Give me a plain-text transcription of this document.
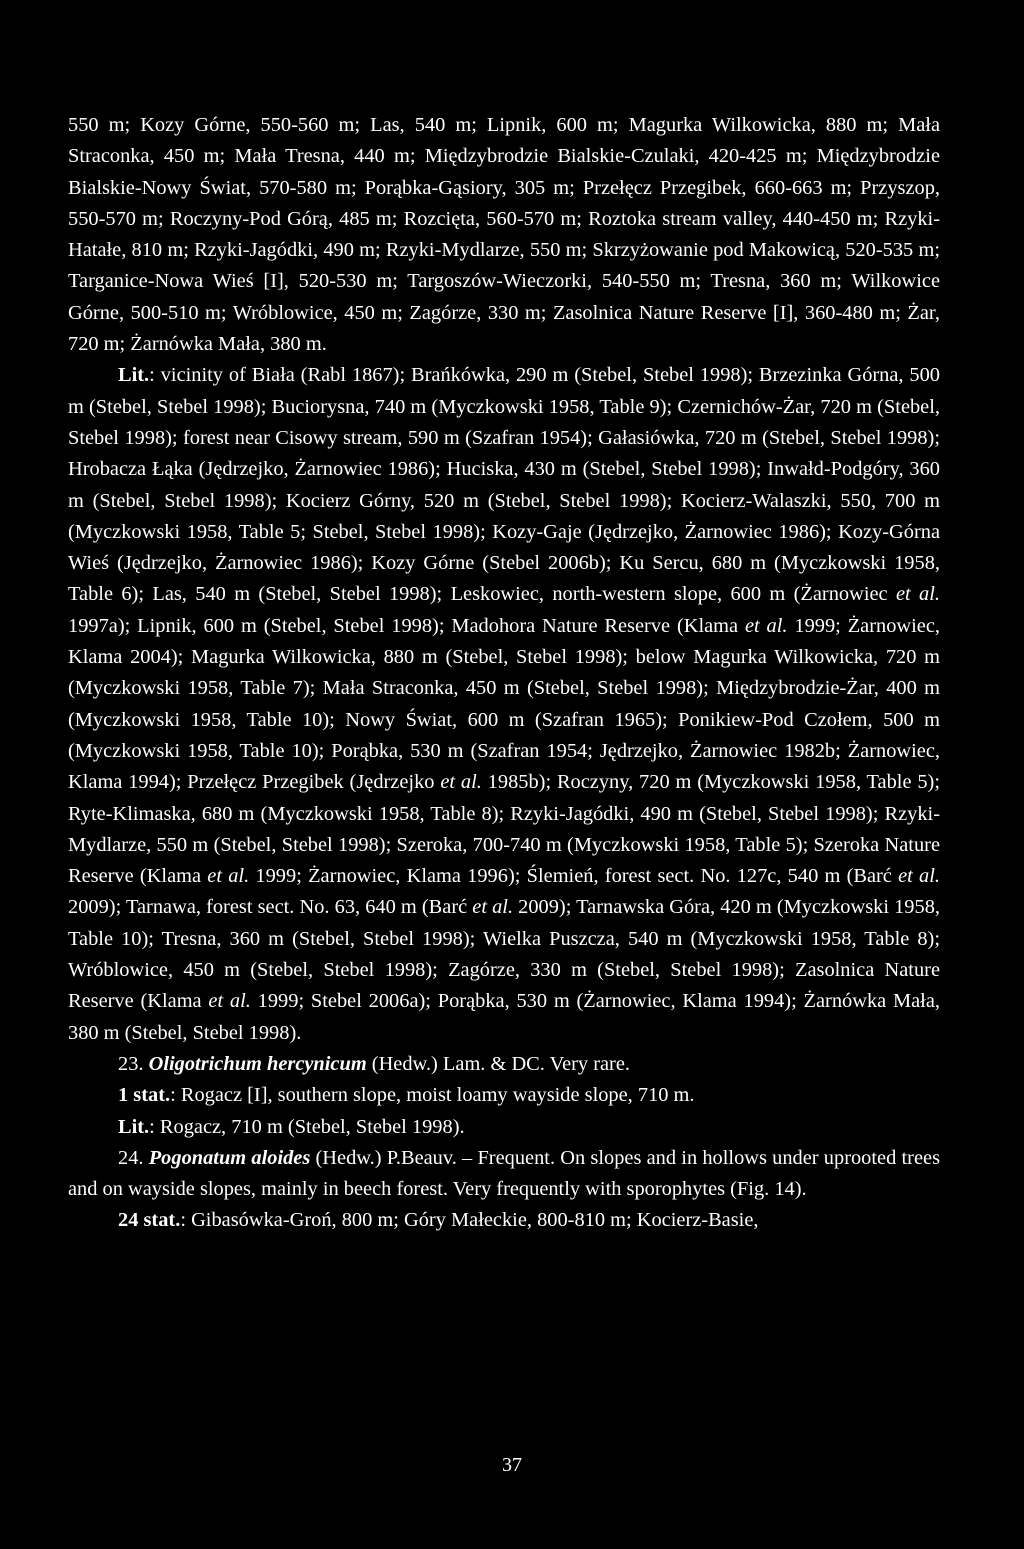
550 m; Kozy Górne, 550-560 m; Las, 540 m; Lipnik, 600 m; Magurka Wilkowicka, 880 m; Mała Straconka, 450 m; Mała Tresna, 440 m; Międzybrodzie Bialskie-Czulaki, 420-425 m; Międzybrodzie Bialskie-Nowy Świat, 570-580 m; Porąbka-Gąsiory, 305 m; Przełęcz Przegibek, 660-663 m; Przyszop, 550-570 m; Roczyny-Pod Górą, 485 m; Rozcięta, 560-570 m; Roztoka stream valley, 440-450 m; Rzyki-Hatałe, 810 m; Rzyki-Jagódki, 490 m; Rzyki-Mydlarze, 550 m; Skrzyżowanie pod Makowicą, 520-535 m; Targanice-Nowa Wieś [I], 520-530 m; Targoszów-Wieczorki, 540-550 m; Tresna, 360 m; Wilkowice Górne, 500-510 m; Wróblowice, 450 m; Zagórze, 330 m; Zasolnica Nature Reserve [I], 360-480 m; Żar, 720 m; Żarnówka Mała, 380 m.

Lit.: vicinity of Biała (Rabl 1867); Brańkówka, 290 m (Stebel, Stebel 1998); Brzezinka Górna, 500 m (Stebel, Stebel 1998); Buciorysna, 740 m (Myczkowski 1958, Table 9); Czernichów-Żar, 720 m (Stebel, Stebel 1998); forest near Cisowy stream, 590 m (Szafran 1954); Gałasiówka, 720 m (Stebel, Stebel 1998); Hrobacza Łąka (Jędrzejko, Żarnowiec 1986); Huciska, 430 m (Stebel, Stebel 1998); Inwałd-Podgóry, 360 m (Stebel, Stebel 1998); Kocierz Górny, 520 m (Stebel, Stebel 1998); Kocierz-Walaszki, 550, 700 m (Myczkowski 1958, Table 5; Stebel, Stebel 1998); Kozy-Gaje (Jędrzejko, Żarnowiec 1986); Kozy-Górna Wieś (Jędrzejko, Żarnowiec 1986); Kozy Górne (Stebel 2006b); Ku Sercu, 680 m (Myczkowski 1958, Table 6); Las, 540 m (Stebel, Stebel 1998); Leskowiec, north-western slope, 600 m (Żarnowiec et al. 1997a); Lipnik, 600 m (Stebel, Stebel 1998); Madohora Nature Reserve (Klama et al. 1999; Żarnowiec, Klama 2004); Magurka Wilkowicka, 880 m (Stebel, Stebel 1998); below Magurka Wilkowicka, 720 m (Myczkowski 1958, Table 7); Mała Straconka, 450 m (Stebel, Stebel 1998); Międzybrodzie-Żar, 400 m (Myczkowski 1958, Table 10); Nowy Świat, 600 m (Szafran 1965); Ponikiew-Pod Czołem, 500 m (Myczkowski 1958, Table 10); Porąbka, 530 m (Szafran 1954; Jędrzejko, Żarnowiec 1982b; Żarnowiec, Klama 1994); Przełęcz Przegibek (Jędrzejko et al. 1985b); Roczyny, 720 m (Myczkowski 1958, Table 5); Ryte-Klimaska, 680 m (Myczkowski 1958, Table 8); Rzyki-Jagódki, 490 m (Stebel, Stebel 1998); Rzyki-Mydlarze, 550 m (Stebel, Stebel 1998); Szeroka, 700-740 m (Myczkowski 1958, Table 5); Szeroka Nature Reserve (Klama et al. 1999; Żarnowiec, Klama 1996); Ślemień, forest sect. No. 127c, 540 m (Barć et al. 2009); Tarnawa, forest sect. No. 63, 640 m (Barć et al. 2009); Tarnawska Góra, 420 m (Myczkowski 1958, Table 10); Tresna, 360 m (Stebel, Stebel 1998); Wielka Puszcza, 540 m (Myczkowski 1958, Table 8); Wróblowice, 450 m (Stebel, Stebel 1998); Zagórze, 330 m (Stebel, Stebel 1998); Zasolnica Nature Reserve (Klama et al. 1999; Stebel 2006a); Porąbka, 530 m (Żarnowiec, Klama 1994); Żarnówka Mała, 380 m (Stebel, Stebel 1998).

23. Oligotrichum hercynicum (Hedw.) Lam. & DC. Very rare.

1 stat.: Rogacz [I], southern slope, moist loamy wayside slope, 710 m.

Lit.: Rogacz, 710 m (Stebel, Stebel 1998).

24. Pogonatum aloides (Hedw.) P.Beauv. – Frequent. On slopes and in hollows under uprooted trees and on wayside slopes, mainly in beech forest. Very frequently with sporophytes (Fig. 14).

24 stat.: Gibasówka-Groń, 800 m; Góry Małeckie, 800-810 m; Kocierz-Basie,

37
